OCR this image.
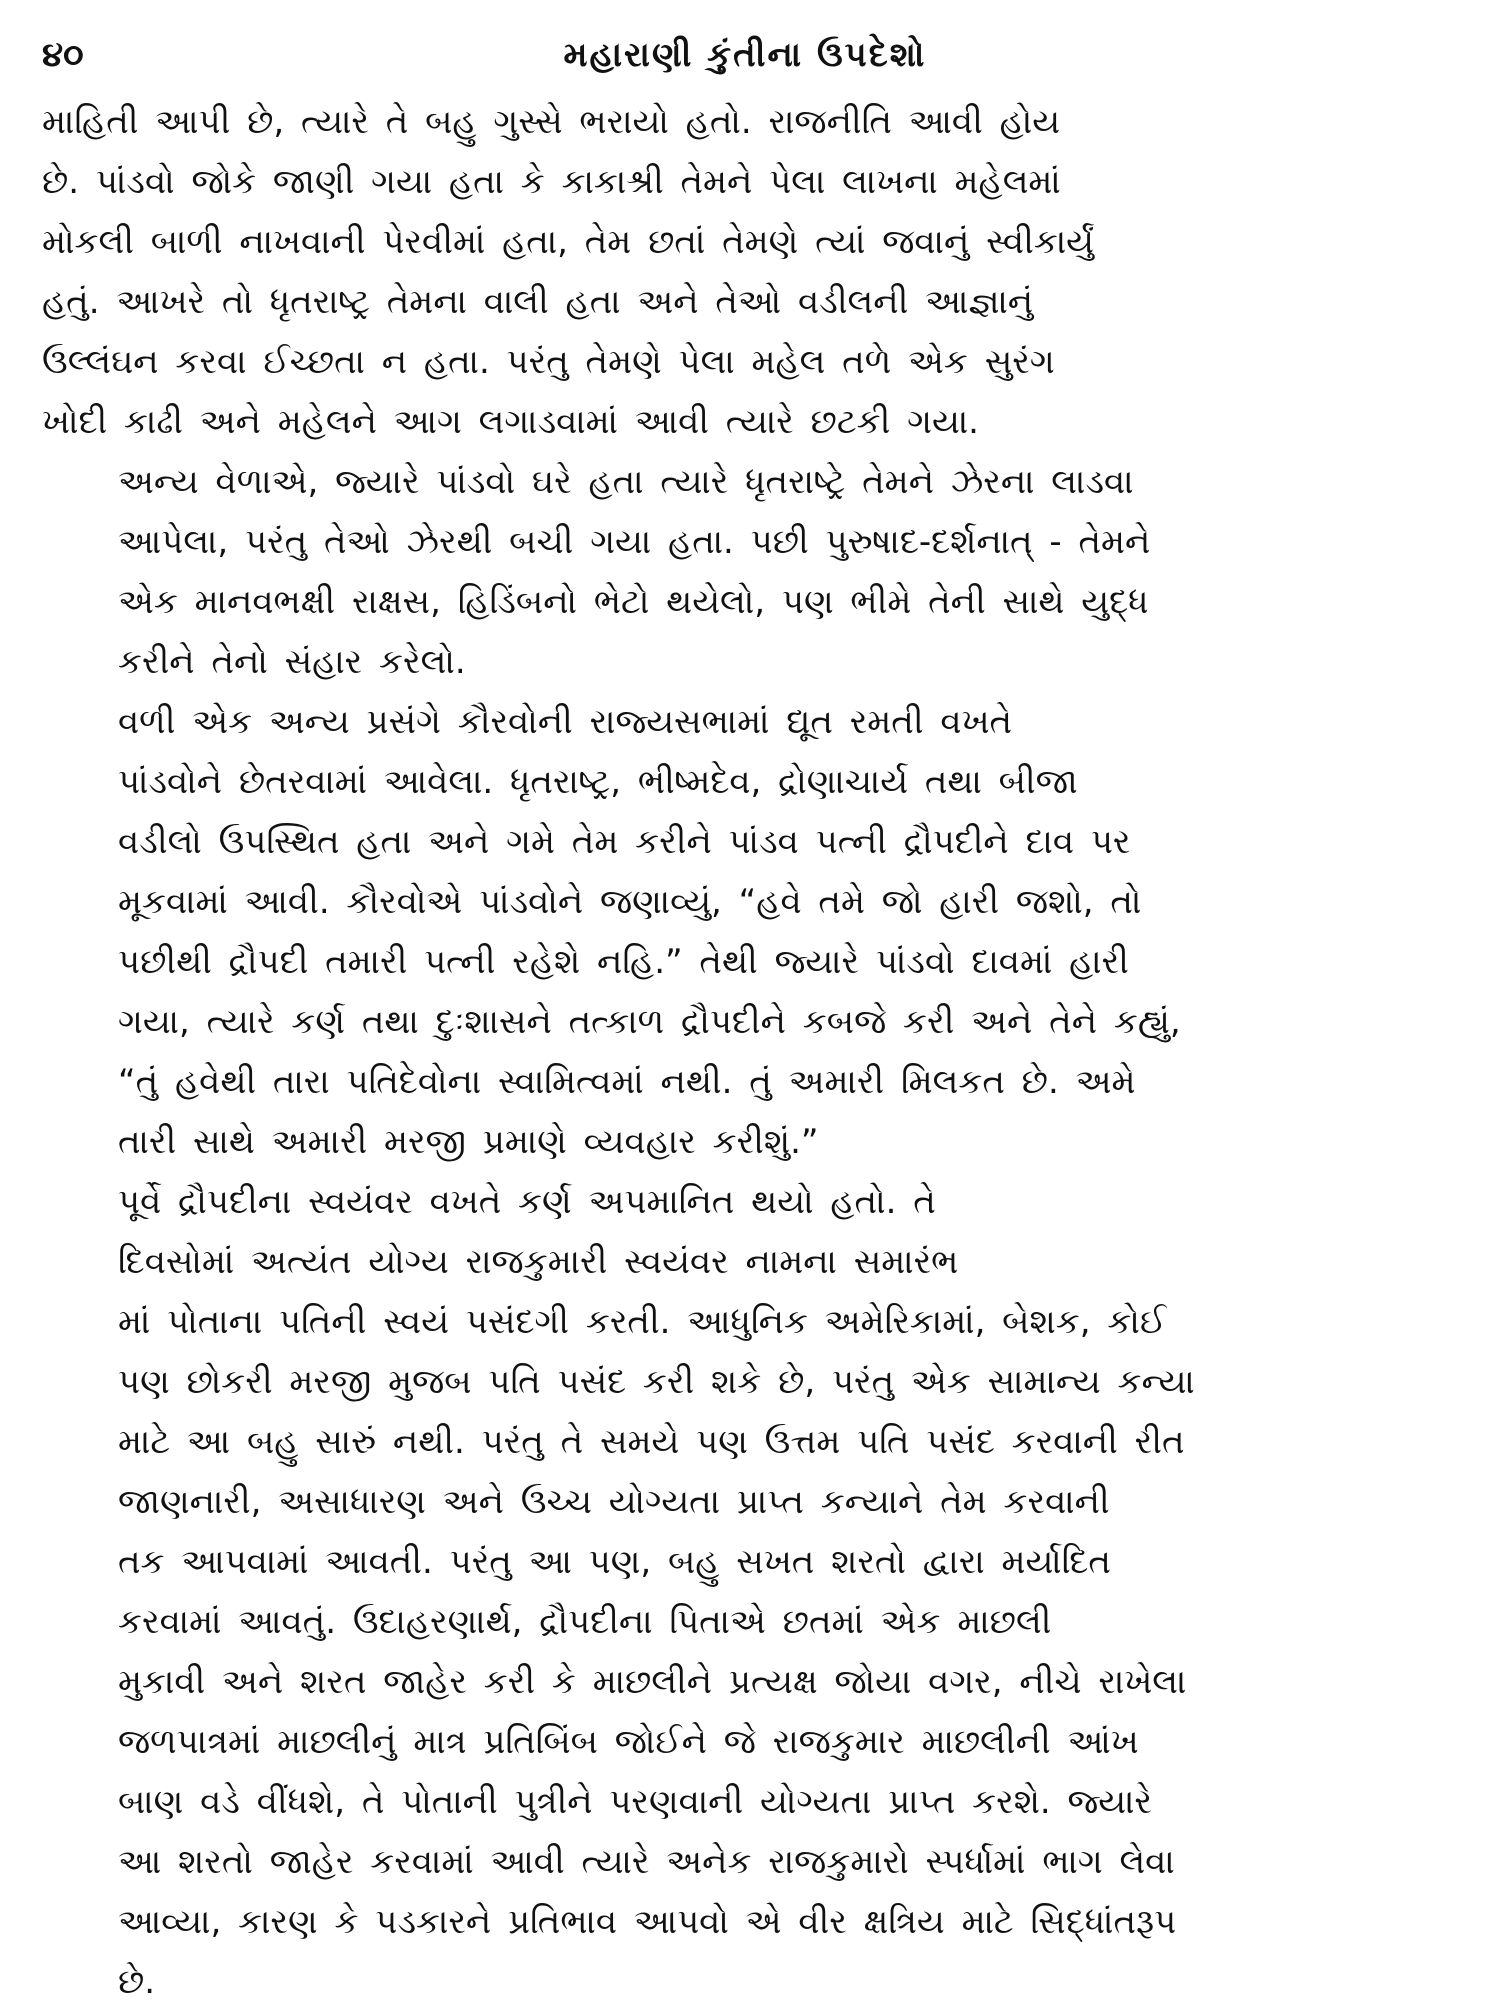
૪૦	મહારાણી કુંતીના ઉપદેશો

માહિતી આપી છે, ત્યારે તે બહુ ગુસ્સે ભરાયો હતો. રાજનીતિ આવી હોય
છે. પાંડવો જોકે જાણી ગયા હતા કે કાકાશ્રી તેમને પેલા લાખના મહેલમાં
મોકલી બાળી નાખવાની પેરવીમાં હતા, તેમ છતાં તેમણે ત્યાં જવાનું સ્વીકાર્યું
હતું. આખરે તો ધૃતરાષ્ટ્ર તેમના વાલી હતા અને તેઓ વડીલની આજ્ઞાનું
ઉલ્લંઘન કરવા ઈચ્છતા ન હતા. પરંતુ તેમણે પેલા મહેલ તળે એક સુરંગ
ખોદી કાઢી અને મહેલને આગ લગાડવામાં આવી ત્યારે છટકી ગયા.

અન્ય વેળાએ, જ્યારે પાંડવો ઘરે હતા ત્યારે ધૃતરાષ્ટ્રે તેમને ઝેરના લાડવા
આપેલા, પરંતુ તેઓ ઝેરથી બચી ગયા હતા. પછી પુરુષાદ-દર્શનાત્ - તેમને
એક માનવભક્ષી રાક્ષસ, હિડિંબનો ભેટો થયેલો, પણ ભીમે તેની સાથે યુદ્ધ
કરીને તેનો સંહાર કરેલો.

વળી એક અન્ય પ્રસંગે કૌરવોની રાજ્યસભામાં દ્યૂત રમતી વખતે
પાંડવોને છેતરવામાં આવેલા. ધૃતરાષ્ટ્ર, ભીષ્મદેવ, દ્રોણાચાર્ય તથા બીજા
વડીલો ઉપસ્થિત હતા અને ગમે તેમ કરીને પાંડવ પત્ની દ્રૌપદીને દાવ પર
મૂકવામાં આવી. કૌરવોએ પાંડવોને જણાવ્યું, “હવે તમે જો હારી જશો, તો
પછીથી દ્રૌપદી તમારી પત્ની રહેશે નહિ.” તેથી જ્યારે પાંડવો દાવમાં હારી
ગયા, ત્યારે કર્ણ તથા દુઃશાસને તત્કાળ દ્રૌપદીને કબજે કરી અને તેને કહ્યું,
“તું હવેથી તારા પતિદેવોના સ્વામિત્વમાં નથી. તું અમારી મિલકત છે. અમે
તારી સાથે અમારી મરજી પ્રમાણે વ્યવહાર કરીશું.”

પૂર્વે દ્રૌપદીના સ્વયંવર વખતે કર્ણ અપમાનિત થયો હતો. તે
દિવસોમાં અત્યંત યોગ્ય રાજકુમારી સ્વયંવર નામના સમારંભ
માં પોતાના પતિની સ્વયં પસંદગી કરતી. આધુનિક અમેરિકામાં, બેશક, કોઈ
પણ છોકરી મરજી મુજબ પતિ પસંદ કરી શકે છે, પરંતુ એક સામાન્ય કન્યા
માટે આ બહુ સારું નથી. પરંતુ તે સમયે પણ ઉત્તમ પતિ પસંદ કરવાની રીત
જાણનારી, અસાધારણ અને ઉચ્ચ યોગ્યતા પ્રાપ્ત કન્યાને તેમ કરવાની
તક આપવામાં આવતી. પરંતુ આ પણ, બહુ સખત શરતો દ્વારા મર્યાદિત
કરવામાં આવતું. ઉદાહરણાર્થ, દ્રૌપદીના પિતાએ છતમાં એક માછલી
મુકાવી અને શરત જાહેર કરી કે માછલીને પ્રત્યક્ષ જોયા વગર, નીચે રાખેલા
જળપાત્રમાં માછલીનું માત્ર પ્રતિબિંબ જોઈને જે રાજકુમાર માછલીની આંખ
બાણ વડે વીંધશે, તે પોતાની પુત્રીને પરણવાની યોગ્યતા પ્રાપ્ત કરશે. જ્યારે
આ શરતો જાહેર કરવામાં આવી ત્યારે અનેક રાજકુમારો સ્પર્ધામાં ભાગ લેવા
આવ્યા, કારણ કે પડકારને પ્રતિભાવ આપવો એ વીર ક્ષત્રિય માટે સિદ્ધાંતરૂપ
છે.
